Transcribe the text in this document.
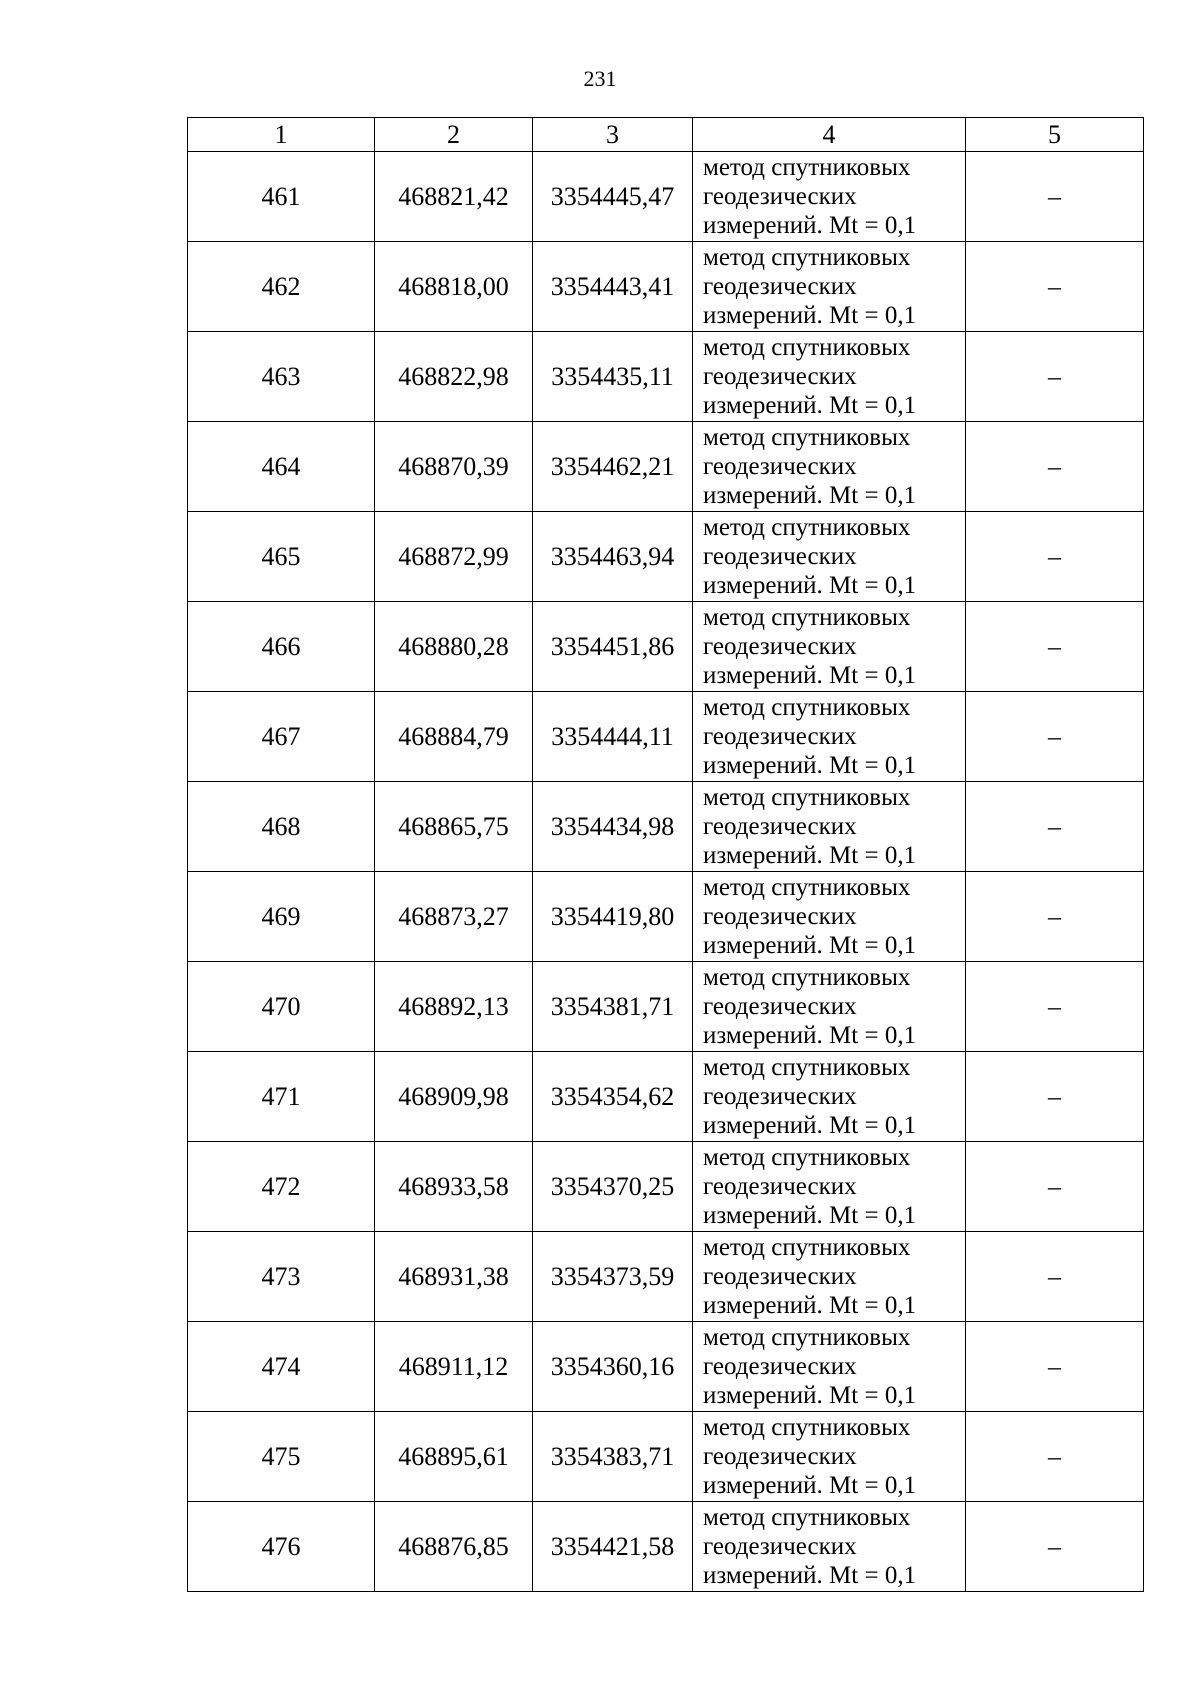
231
1	2	3	4	5
461	468821,42	3354445,47	метод спутниковых
геодезических
измерений. Mt = 0,1	–
462	468818,00	3354443,41	метод спутниковых
геодезических
измерений. Mt = 0,1	–
463	468822,98	3354435,11	метод спутниковых
геодезических
измерений. Mt = 0,1	–
464	468870,39	3354462,21	метод спутниковых
геодезических
измерений. Mt = 0,1	–
465	468872,99	3354463,94	метод спутниковых
геодезических
измерений. Mt = 0,1	–
466	468880,28	3354451,86	метод спутниковых
геодезических
измерений. Mt = 0,1	–
467	468884,79	3354444,11	метод спутниковых
геодезических
измерений. Mt = 0,1	–
468	468865,75	3354434,98	метод спутниковых
геодезических
измерений. Mt = 0,1	–
469	468873,27	3354419,80	метод спутниковых
геодезических
измерений. Mt = 0,1	–
470	468892,13	3354381,71	метод спутниковых
геодезических
измерений. Mt = 0,1	–
471	468909,98	3354354,62	метод спутниковых
геодезических
измерений. Mt = 0,1	–
472	468933,58	3354370,25	метод спутниковых
геодезических
измерений. Mt = 0,1	–
473	468931,38	3354373,59	метод спутниковых
геодезических
измерений. Mt = 0,1	–
474	468911,12	3354360,16	метод спутниковых
геодезических
измерений. Mt = 0,1	–
475	468895,61	3354383,71	метод спутниковых
геодезических
измерений. Mt = 0,1	–
476	468876,85	3354421,58	метод спутниковых
геодезических
измерений. Mt = 0,1	–
